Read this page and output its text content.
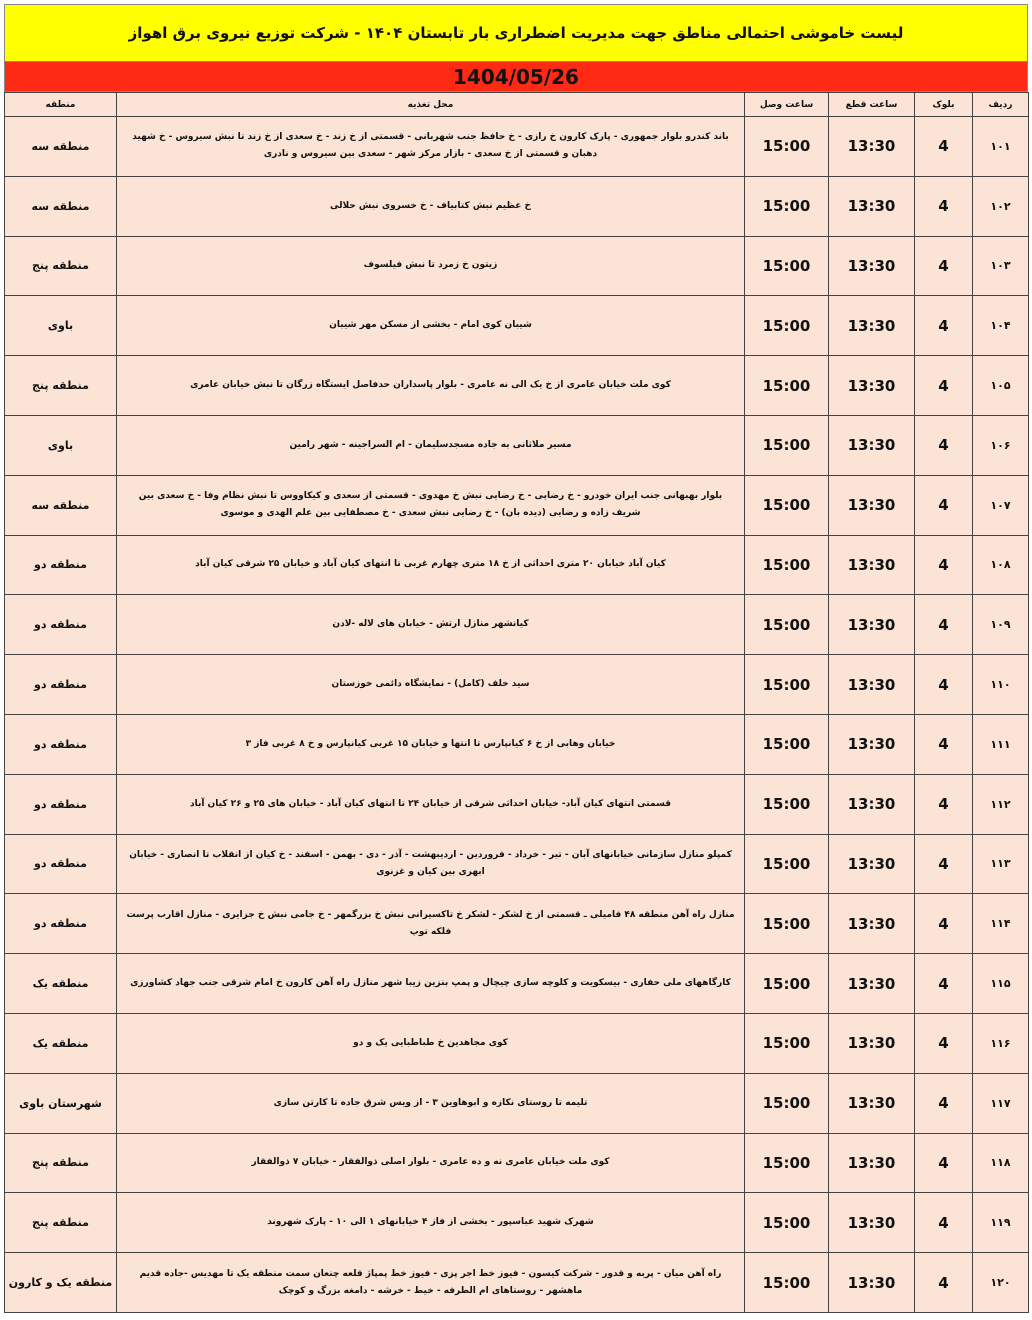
لیست خاموشی احتمالی مناطق جهت مدیریت اضطراری بار تابستان ۱۴۰۴ - شرکت توزیع نیروی برق اهواز
1404/05/26
ردیف	بلوک	ساعت قطع	ساعت وصل	محل تغذیه	منطقه
۱۰۱	4	13:30	15:00	باند کندرو بلوار جمهوری - پارک کارون خ رازی - خ حافظ جنب شهربانی - قسمتی از خ زند - خ سعدی از خ زند تا نبش سیروس - خ شهید دهبان و قسمتی از خ سعدی - بازار مرکز شهر - سعدی بین سیروس و نادری	منطقه سه
۱۰۲	4	13:30	15:00	خ عظیم نبش کتابیاف - خ خسروی نبش حلالی	منطقه سه
۱۰۳	4	13:30	15:00	زیتون خ زمرد تا نبش فیلسوف	منطقه پنج
۱۰۴	4	13:30	15:00	شیبان کوی امام - بخشی از مسکن مهر شیبان	باوی
۱۰۵	4	13:30	15:00	کوی ملت خیابان عامری از خ یک الی نه عامری - بلوار پاسداران حدفاصل ایستگاه زرگان تا نبش خیابان عامری	منطقه پنج
۱۰۶	4	13:30	15:00	مسیر ملاثانی به جاده مسجدسلیمان - ام السراجینه - شهر رامین	باوی
۱۰۷	4	13:30	15:00	بلوار بهبهانی جنب ایران خودرو - خ رضایی - خ رضایی نبش خ مهدوی - قسمتی از سعدی و کیکاووس تا نبش نظام وفا - خ سعدی بین شریف زاده و رضایی (دیده بان) - خ رضایی نبش سعدی - خ مصطفایی بین علم الهدی و موسوی	منطقه سه
۱۰۸	4	13:30	15:00	کیان آباد خیابان ۲۰ متری احداثی از خ ۱۸ متری چهارم غربی تا انتهای کیان آباد و خیابان ۲۵ شرقی کیان آباد	منطقه دو
۱۰۹	4	13:30	15:00	کیانشهر منازل ارتش - خیابان های لاله -لادن	منطقه دو
۱۱۰	4	13:30	15:00	سید خلف (کامل) - نمایشگاه دائمی خوزستان	منطقه دو
۱۱۱	4	13:30	15:00	خیابان وهابی از خ ۶ کیانپارس تا انتها و خیابان ۱۵ غربی کیانپارس و خ ۸ غربی فاز ۳	منطقه دو
۱۱۲	4	13:30	15:00	قسمتی انتهای کیان آباد- خیابان احداثی شرقی از خیابان ۲۴ تا انتهای کیان آباد - خیابان های ۲۵ و ۲۶ کیان آباد	منطقه دو
۱۱۳	4	13:30	15:00	کمپلو منازل سازمانی خیابانهای آبان - تیر - خرداد - فروردین - اردیبهشت - آذر - دی - بهمن - اسفند - خ کیان از انقلاب تا انصاری - خیابان ابهری بین کیان و غزنوی	منطقه دو
۱۱۴	4	13:30	15:00	منازل راه آهن منطقه ۴۸ فامیلی ـ قسمتی از خ لشکر - لشکر خ تاکسیرانی نبش خ بزرگمهر - خ جامی نبش خ جزایری - منازل اقارب پرست فلکه توپ	منطقه دو
۱۱۵	4	13:30	15:00	کارگاههای ملی حفاری - بیسکویت و کلوچه سازی چیچال و پمپ بنزین زیبا شهر منازل راه آهن کارون خ امام شرقی جنب جهاد کشاورزی	منطقه یک
۱۱۶	4	13:30	15:00	کوی مجاهدین خ طباطبایی یک و دو	منطقه یک
۱۱۷	4	13:30	15:00	تلیمه تا روستای نکازه و ابوهاوین ۳ - از ویس شرق جاده تا کارتن سازی	شهرستان باوی
۱۱۸	4	13:30	15:00	کوی ملت خیابان عامری نه و ده عامری - بلوار اصلی ذوالفقار - خیابان ۷ ذوالفقار	منطقه پنج
۱۱۹	4	13:30	15:00	شهرک شهید عباسپور - بخشی از فاز ۴ خیابانهای ۱ الی ۱۰ - پارک شهروند	منطقه پنج
۱۲۰	4	13:30	15:00	راه آهن میان - پربه و قدور - شرکت کیسون - فیوز خط اجر پزی - فیوز خط پمپاژ قلعه چنعان سمت منطقه یک تا مهدیس -جاده قدیم ماهشهر - روستاهای ام الطرفه - خیط - خرشه - دامغه بزرگ و کوچک	منطقه یک و کارون
